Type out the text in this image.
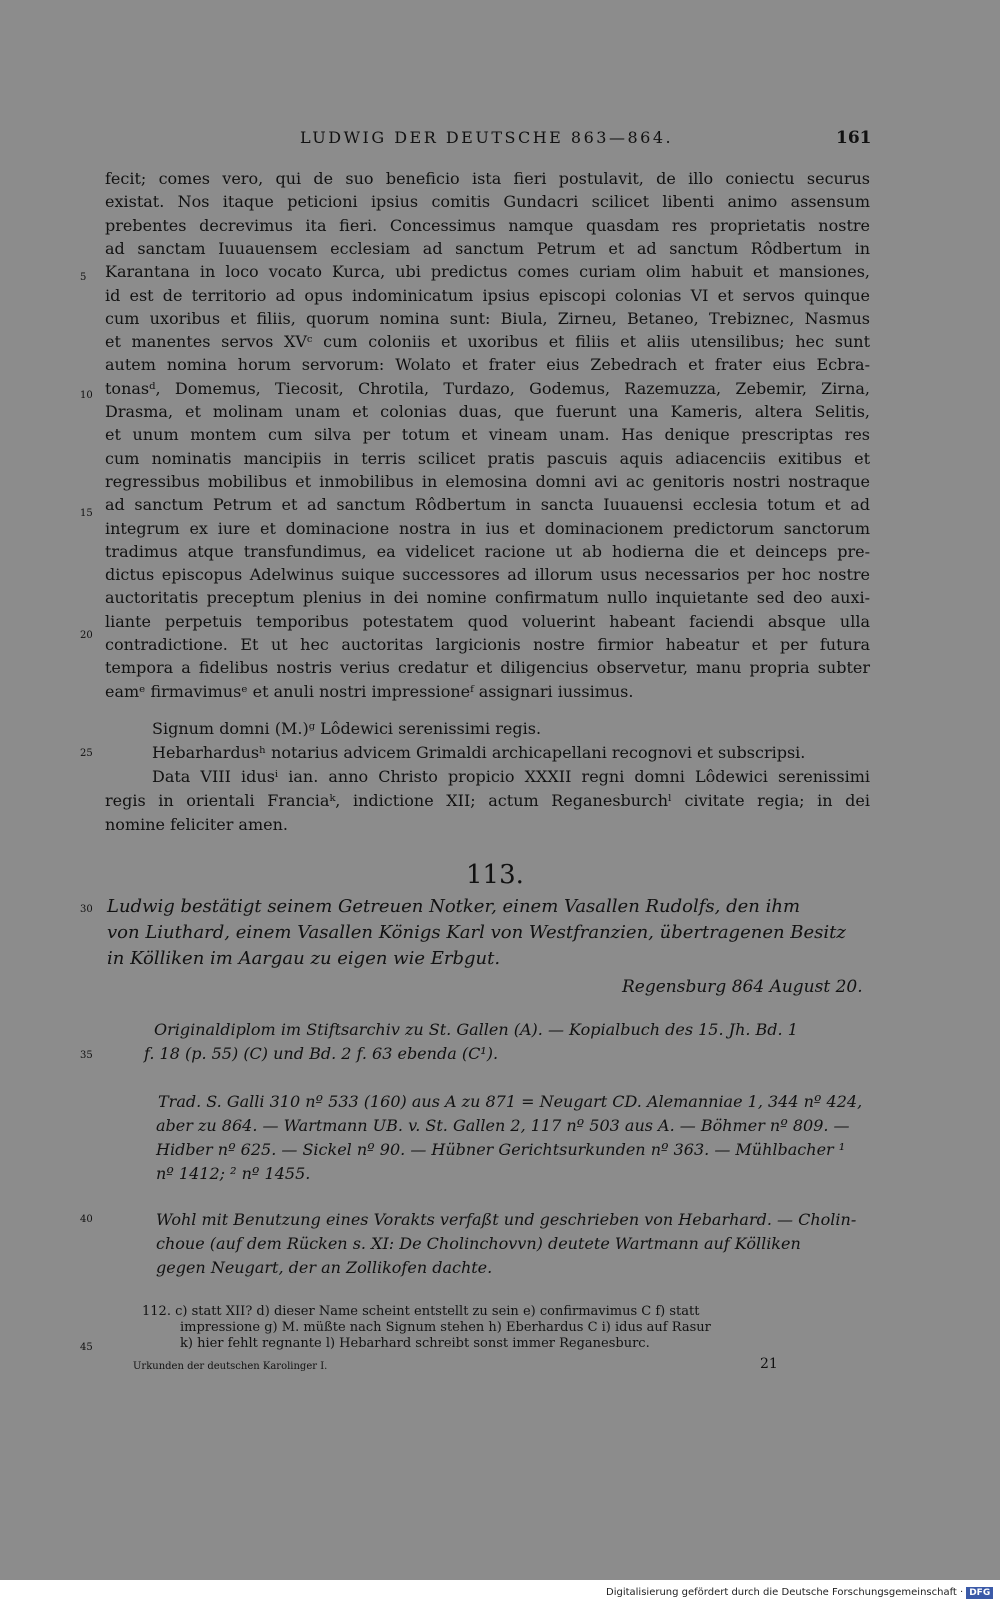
LUDWIG DER DEUTSCHE 863—864.	161
fecit; comes vero, qui de suo beneficio ista fieri postulavit, de illo coniectu securus
existat. Nos itaque peticioni ipsius comitis Gundacri scilicet libenti animo assensum
prebentes decrevimus ita fieri. Concessimus namque quasdam res proprietatis nostre
ad sanctam Iuuauensem ecclesiam ad sanctum Petrum et ad sanctum Rôdbertum in
Karantana in loco vocato Kurca, ubi predictus comes curiam olim habuit et mansiones,
id est de territorio ad opus indominicatum ipsius episcopi colonias VI et servos quinque
cum uxoribus et filiis, quorum nomina sunt: Biula, Zirneu, Betaneo, Trebiznec, Nasmus
et manentes servos XVᶜ cum coloniis et uxoribus et filiis et aliis utensilibus; hec sunt
autem nomina horum servorum: Wolato et frater eius Zebedrach et frater eius Ecbra-
tonasᵈ, Domemus, Tiecosit, Chrotila, Turdazo, Godemus, Razemuzza, Zebemir, Zirna,
Drasma, et molinam unam et colonias duas, que fuerunt una Kameris, altera Selitis,
et unum montem cum silva per totum et vineam unam. Has denique prescriptas res
cum nominatis mancipiis in terris scilicet pratis pascuis aquis adiacenciis exitibus et
regressibus mobilibus et inmobilibus in elemosina domni avi ac genitoris nostri nostraque
ad sanctum Petrum et ad sanctum Rôdbertum in sancta Iuuauensi ecclesia totum et ad
integrum ex iure et dominacione nostra in ius et dominacionem predictorum sanctorum
tradimus atque transfundimus, ea videlicet racione ut ab hodierna die et deinceps pre-
dictus episcopus Adelwinus suique successores ad illorum usus necessarios per hoc nostre
auctoritatis preceptum plenius in dei nomine confirmatum nullo inquietante sed deo auxi-
liante perpetuis temporibus potestatem quod voluerint habeant faciendi absque ulla
contradictione. Et ut hec auctoritas largicionis nostre firmior habeatur et per futura
tempora a fidelibus nostris verius credatur et diligencius observetur, manu propria subter
eamᵉ firmavimusᵉ et anuli nostri impressioneᶠ assignari iussimus.
Signum domni (M.)ᵍ Lôdewici serenissimi regis.
Hebarhardusʰ notarius advicem Grimaldi archicapellani recognovi et subscripsi.
Data VIII idusⁱ ian. anno Christo propicio XXXII regni domni Lôdewici serenissimi
regis in orientali Franciaᵏ, indictione XII; actum Reganesburchˡ civitate regia; in dei
nomine feliciter amen.
113.
Ludwig bestätigt seinem Getreuen Notker, einem Vasallen Rudolfs, den ihm
von Liuthard, einem Vasallen Königs Karl von Westfranzien, übertragenen Besitz
in Kölliken im Aargau zu eigen wie Erbgut.
Regensburg 864 August 20.
Originaldiplom im Stiftsarchiv zu St. Gallen (A). — Kopialbuch des 15. Jh. Bd. 1
f. 18 (p. 55) (C) und Bd. 2 f. 63 ebenda (C¹).
Trad. S. Galli 310 nº 533 (160) aus A zu 871 = Neugart CD. Alemanniae 1, 344 nº 424,
aber zu 864. — Wartmann UB. v. St. Gallen 2, 117 nº 503 aus A. — Böhmer nº 809. —
Hidber nº 625. — Sickel nº 90. — Hübner Gerichtsurkunden nº 363. — Mühlbacher ¹
nº 1412; ² nº 1455.
Wohl mit Benutzung eines Vorakts verfaßt und geschrieben von Hebarhard. — Cholin-
choue (auf dem Rücken s. XI: De Cholinchovvn) deutete Wartmann auf Kölliken
gegen Neugart, der an Zollikofen dachte.
112. c) statt XII? d) dieser Name scheint entstellt zu sein e) confirmavimus C f) statt
impressione g) M. müßte nach Signum stehen h) Eberhardus C i) idus auf Rasur
k) hier fehlt regnante l) Hebarhard schreibt sonst immer Reganesburc.
Urkunden der deutschen Karolinger I.	21
5
10
15
20
25
30
35
40
45
Digitalisierung gefördert durch die Deutsche Forschungsgemeinschaft · DFG
